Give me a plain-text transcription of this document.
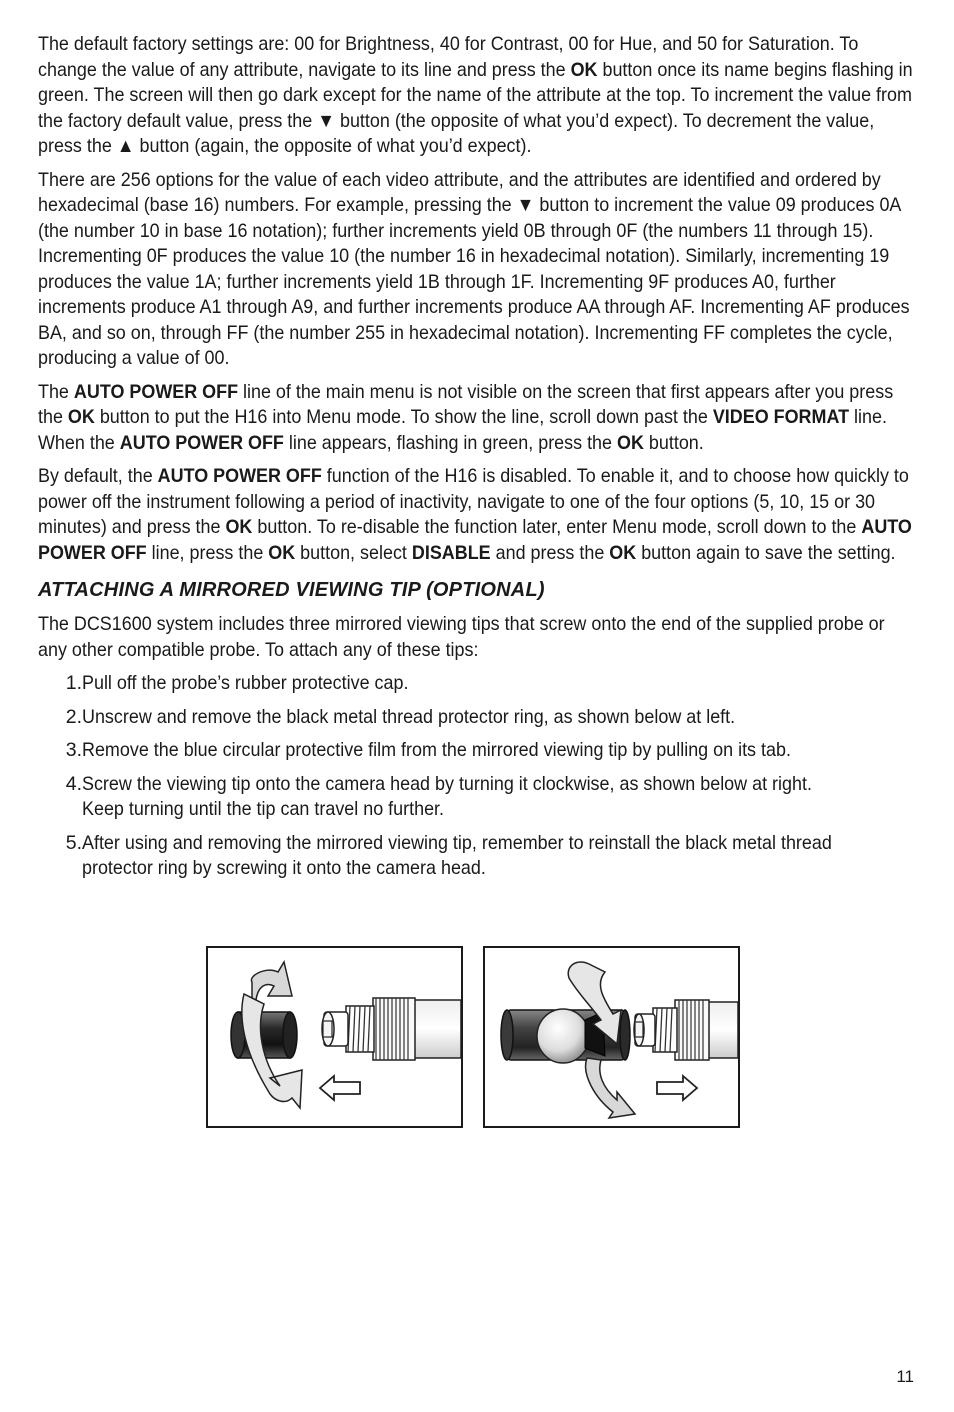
The default factory settings are: 00 for Brightness, 40 for Contrast, 00 for Hue, and 50 for Saturation. To change the value of any attribute, navigate to its line and press the OK button once its name begins flashing in green. The screen will then go dark except for the name of the attribute at the top. To increment the value from the factory default value, press the ▼ button (the opposite of what you’d expect). To decrement the value, press the ▲ button (again, the opposite of what you’d expect).

There are 256 options for the value of each video attribute, and the attributes are identified and ordered by hexadecimal (base 16) numbers. For example, pressing the ▼ button to increment the value 09 produces 0A (the number 10 in base 16 notation); further increments yield 0B through 0F (the numbers 11 through 15). Incrementing 0F produces the value 10 (the number 16 in hexadecimal notation). Similarly, incrementing 19 produces the value 1A; further increments yield 1B through 1F. Incrementing 9F produces A0, further increments produce A1 through A9, and further increments produce AA through AF. Incrementing AF produces BA, and so on, through FF (the number 255 in hexadecimal notation). Incrementing FF completes the cycle, producing a value of 00.

The AUTO POWER OFF line of the main menu is not visible on the screen that first appears after you press the OK button to put the H16 into Menu mode. To show the line, scroll down past the VIDEO FORMAT line. When the AUTO POWER OFF line appears, flashing in green, press the OK button.

By default, the AUTO POWER OFF function of the H16 is disabled. To enable it, and to choose how quickly to power off the instrument following a period of inactivity, navigate to one of the four options (5, 10, 15 or 30 minutes) and press the OK button. To re-disable the function later, enter Menu mode, scroll down to the AUTO POWER OFF line, press the OK button, select DISABLE and press the OK button again to save the setting.

ATTACHING A MIRRORED VIEWING TIP (OPTIONAL)

The DCS1600 system includes three mirrored viewing tips that screw onto the end of the supplied probe or any other compatible probe. To attach any of these tips:

1. Pull off the probe’s rubber protective cap.
2. Unscrew and remove the black metal thread protector ring, as shown below at left.
3. Remove the blue circular protective film from the mirrored viewing tip by pulling on its tab.
4. Screw the viewing tip onto the camera head by turning it clockwise, as shown below at right. Keep turning until the tip can travel no further.
5. After using and removing the mirrored viewing tip, remember to reinstall the black metal thread protector ring by screwing it onto the camera head.
11
